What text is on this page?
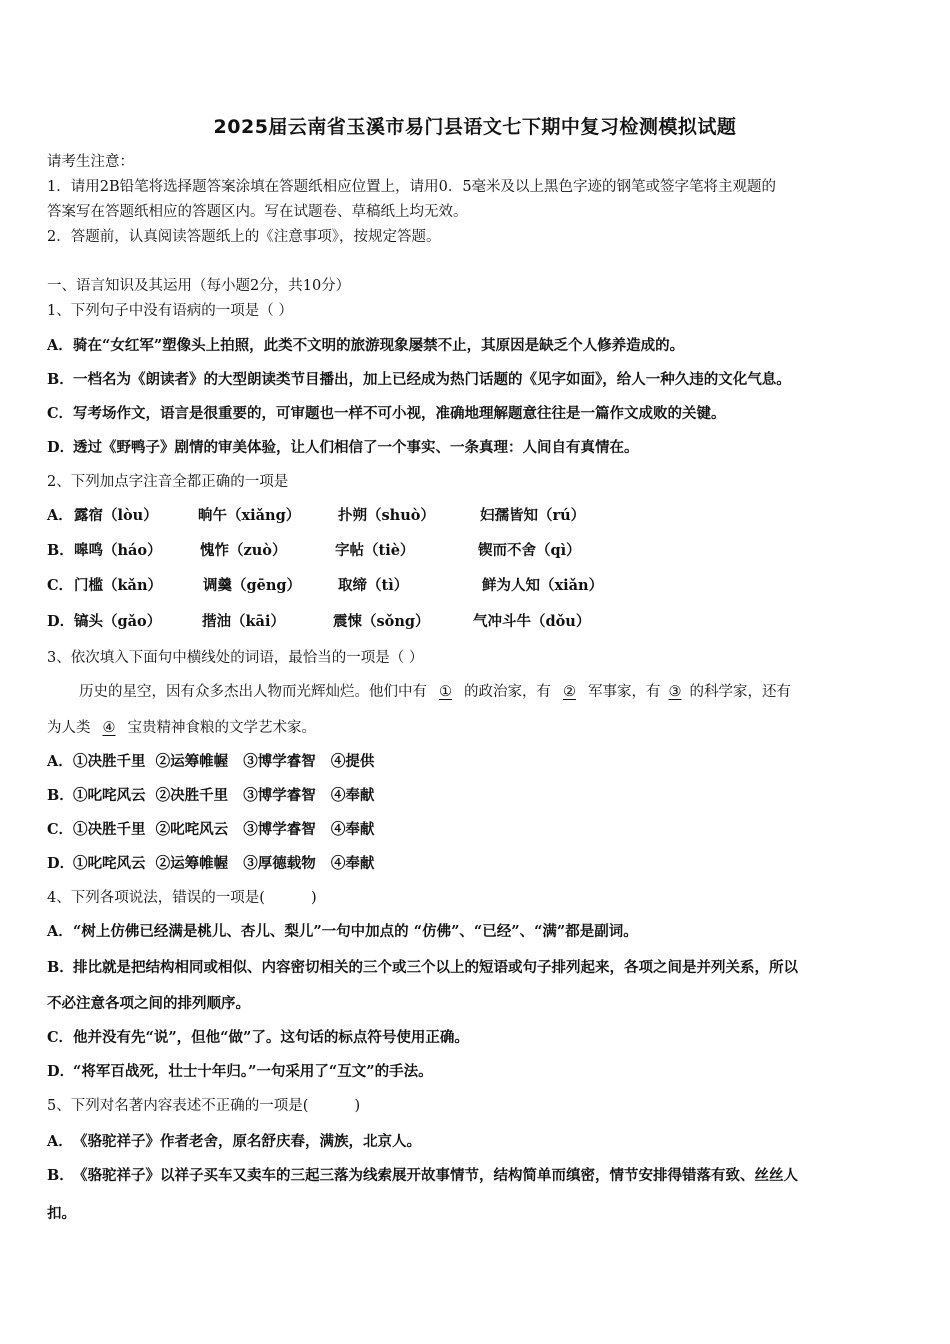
2025届云南省玉溪市易门县语文七下期中复习检测模拟试题
请考生注意：
1．请用2B铅笔将选择题答案涂填在答题纸相应位置上，请用0．5毫米及以上黑色字迹的钢笔或签字笔将主观题的
答案写在答题纸相应的答题区内。写在试题卷、草稿纸上均无效。
2．答题前，认真阅读答题纸上的《注意事项》，按规定答题。
一、语言知识及其运用（每小题2分，共10分）
1、下列句子中没有语病的一项是（ ）
A．骑在“女红军”塑像头上拍照，此类不文明的旅游现象屡禁不止，其原因是缺乏个人修养造成的。
B．一档名为《朗读者》的大型朗读类节目播出，加上已经成为热门话题的《见字如面》，给人一种久违的文化气息。
C．写考场作文，语言是很重要的，可审题也一样不可小视，准确地理解题意往往是一篇作文成败的关键。
D．透过《野鸭子》剧情的审美体验，让人们相信了一个事实、一条真理：人间自有真情在。
2、下列加点字注音全都正确的一项是
A． 露宿（lòu）	晌午（xiǎng）	扑朔（shuò）	妇孺皆知（rú）
B． 嗥鸣（háo）	愧怍（zuò）	字帖（tiè）	锲而不舍（qì）
C． 门槛（kǎn）	调羹（gēng）	取缔（tì）	鲜为人知（xiǎn）
D． 镐头（gǎo）	揩油（kāi）	震悚（sǒng）	气冲斗牛（dǒu）
3、依次填入下面句中横线处的词语，最恰当的一项是（ ）
历史的星空，因有众多杰出人物而光辉灿烂。他们中有 ① 的政治家，有 ② 军事家，有 ③ 的科学家，还有
为人类 ④ 宝贵精神食粮的文学艺术家。
A．①决胜千里  ②运筹帷幄   ③博学睿智   ④提供
B．①叱咤风云  ②决胜千里   ③博学睿智   ④奉献
C．①决胜千里  ②叱咤风云   ③博学睿智   ④奉献
D．①叱咤风云  ②运筹帷幄   ③厚德载物   ④奉献
4、下列各项说法，错误的一项是(          )
A．“树上仿佛已经满是桃儿、杏儿、梨儿”一句中加点的 “仿佛”、“已经”、“满”都是副词。
B．排比就是把结构相同或相似、内容密切相关的三个或三个以上的短语或句子排列起来，各项之间是并列关系，所以
不必注意各项之间的排列顺序。
C．他并没有先“说”，但他“做”了。这句话的标点符号使用正确。
D．“将军百战死，壮士十年归。”一句采用了“互文”的手法。
5、下列对名著内容表述不正确的一项是(          )
A．《骆驼祥子》作者老舍，原名舒庆春，满族，北京人。
B．《骆驼祥子》以祥子买车又卖车的三起三落为线索展开故事情节，结构简单而缜密，情节安排得错落有致、丝丝人
扣。
